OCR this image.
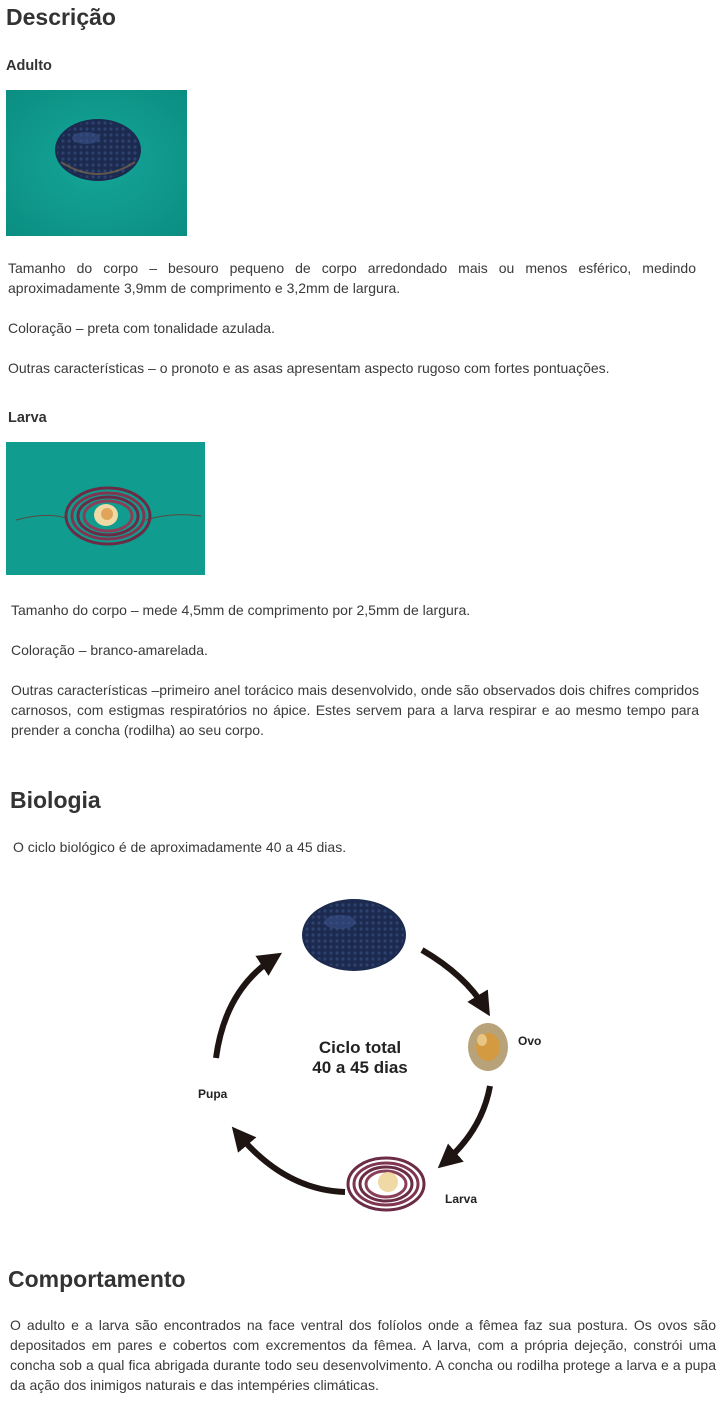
Descrição
Adulto

Tamanho do corpo – besouro pequeno de corpo arredondado mais ou menos esférico, medindo aproximadamente 3,9mm de comprimento e 3,2mm de largura.

Coloração – preta com tonalidade azulada.

Outras características – o pronoto e as asas apresentam aspecto rugoso com fortes pontuações.

Larva

Tamanho do corpo – mede 4,5mm de comprimento por 2,5mm de largura.

Coloração – branco-amarelada.

Outras características –primeiro anel torácico mais desenvolvido, onde são observados dois chifres compridos carnosos, com estigmas respiratórios no ápice. Estes servem para a larva respirar e ao mesmo tempo para prender a concha (rodilha) ao seu corpo.

Biologia

O ciclo biológico é de aproximadamente 40 a 45 dias.

Ciclo total
40 a 45 dias
Ovo
Larva
Pupa
Comportamento

O adulto e a larva são encontrados na face ventral dos folíolos onde a fêmea faz sua postura. Os ovos são depositados em pares e cobertos com excrementos da fêmea. A larva, com a própria dejeção, constrói uma concha sob a qual fica abrigada durante todo seu desenvolvimento. A concha ou rodilha protege a larva e a pupa da ação dos inimigos naturais e das intempéries climáticas.
